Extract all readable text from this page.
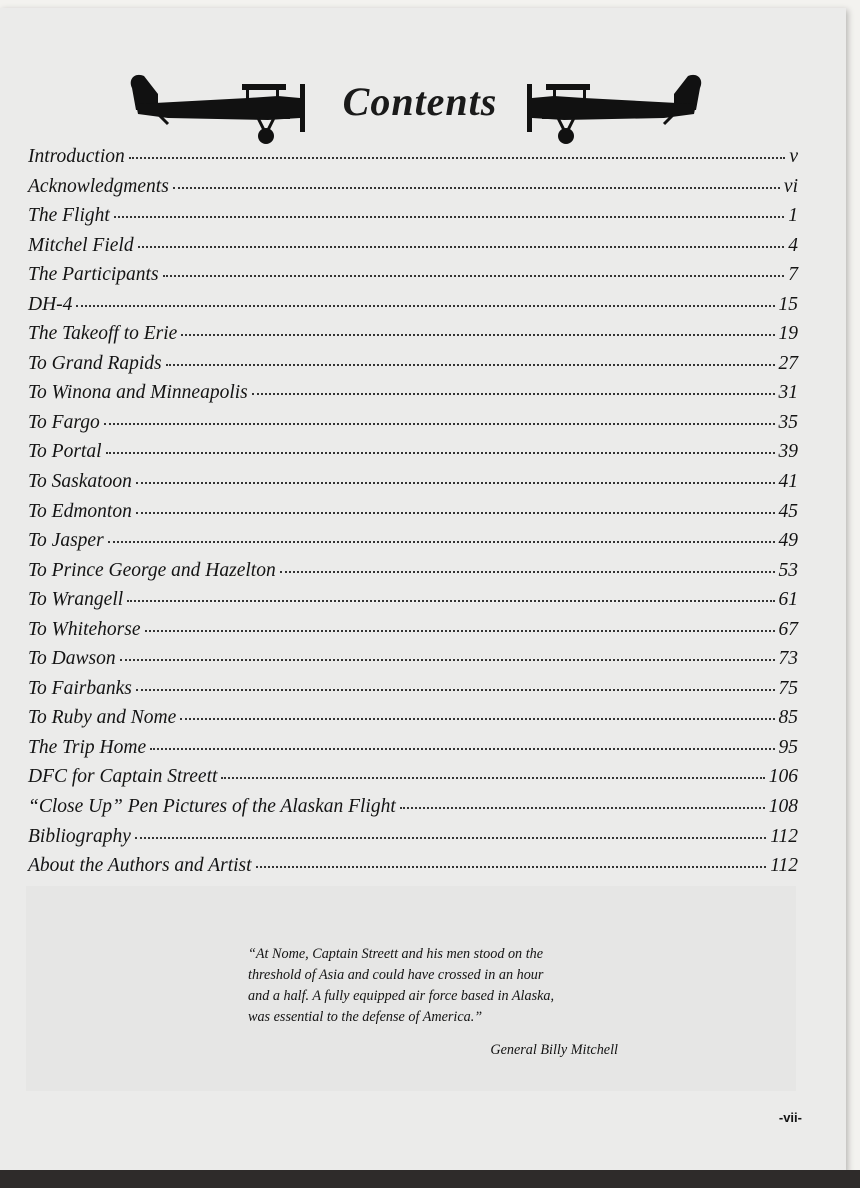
Contents
Introduction	v
Acknowledgments	vi
The Flight	1
Mitchel Field	4
The Participants	7
DH-4	15
The Takeoff to Erie	19
To Grand Rapids	27
To Winona and Minneapolis	31
To Fargo	35
To Portal	39
To Saskatoon	41
To Edmonton	45
To Jasper	49
To Prince George and Hazelton	53
To Wrangell	61
To Whitehorse	67
To Dawson	73
To Fairbanks	75
To Ruby and Nome	85
The Trip Home	95
DFC for Captain Streett	106
“Close Up” Pen Pictures of the Alaskan Flight	108
Bibliography	112
About the Authors and Artist	112

“At Nome, Captain Streett and his men stood on the
threshold of Asia and could have crossed in an hour
and a half. A fully equipped air force based in Alaska,
was essential to the defense of America.”

General Billy Mitchell
-vii-
